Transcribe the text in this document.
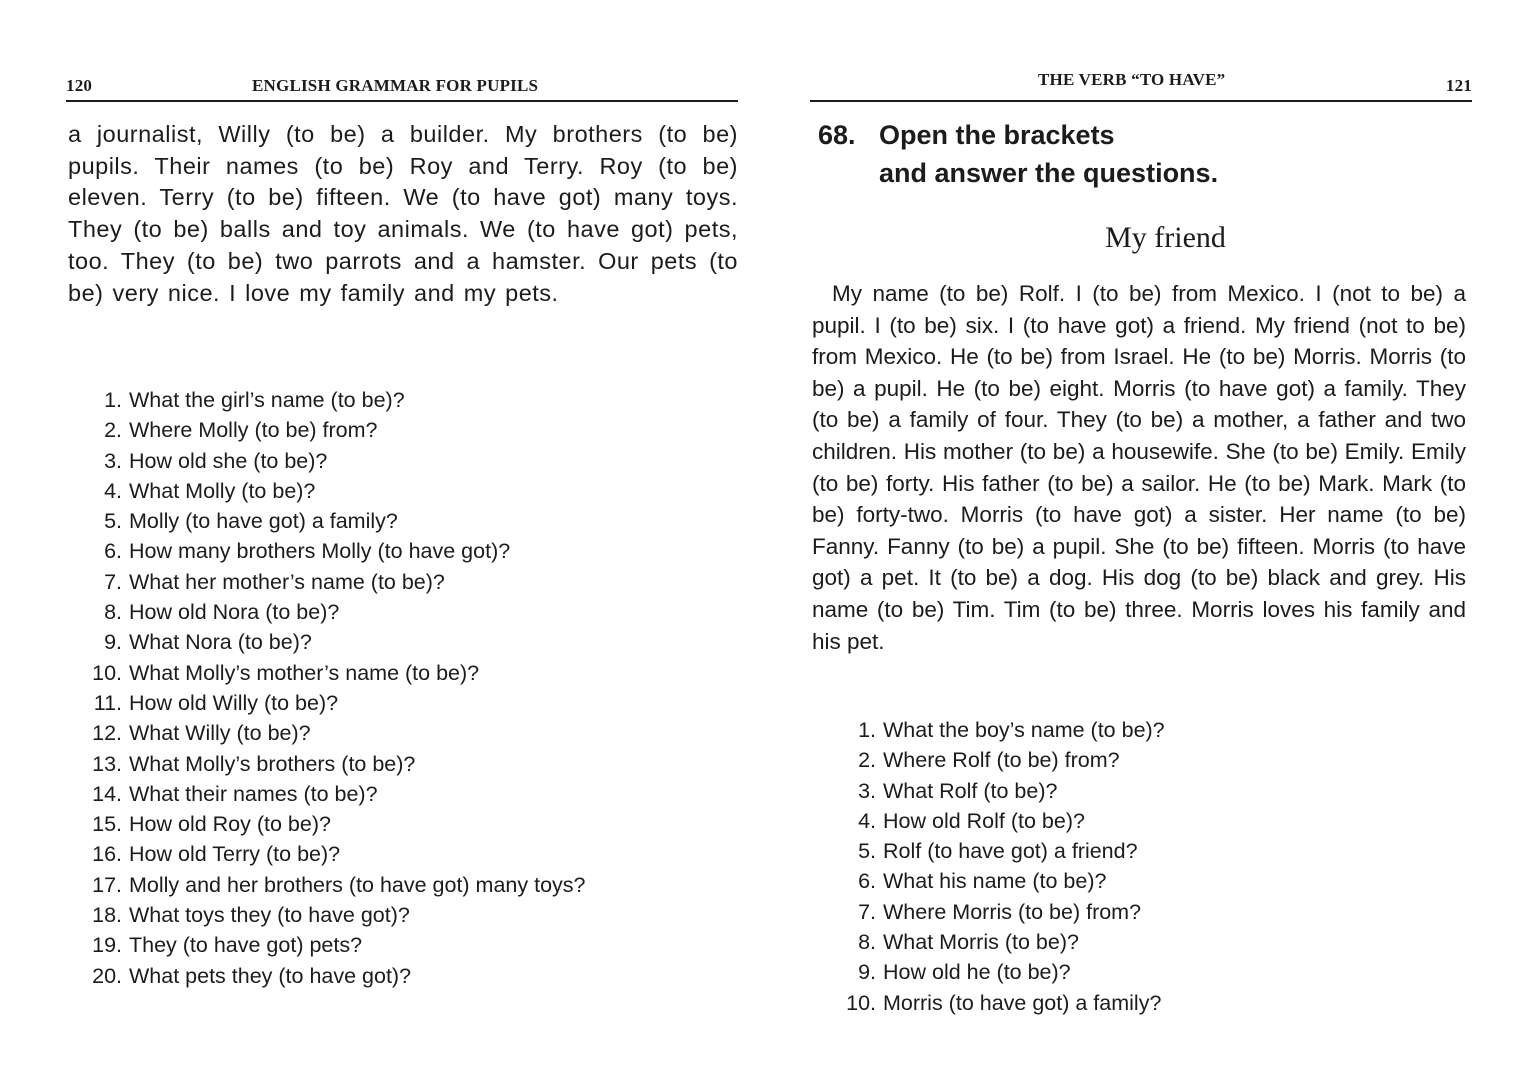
120	ENGLISH GRAMMAR FOR PUPILS
a journalist, Willy (to be) a builder. My brothers (to be) pupils. Their names (to be) Roy and Terry. Roy (to be) eleven. Terry (to be) fifteen. We (to have got) many toys. They (to be) balls and toy animals. We (to have got) pets, too. They (to be) two parrots and a hamster. Our pets (to be) very nice. I love my family and my pets.
1. What the girl’s name (to be)?
2. Where Molly (to be) from?
3. How old she (to be)?
4. What Molly (to be)?
5. Molly (to have got) a family?
6. How many brothers Molly (to have got)?
7. What her mother’s name (to be)?
8. How old Nora (to be)?
9. What Nora (to be)?
10. What Molly’s mother’s name (to be)?
11. How old Willy (to be)?
12. What Willy (to be)?
13. What Molly’s brothers (to be)?
14. What their names (to be)?
15. How old Roy (to be)?
16. How old Terry (to be)?
17. Molly and her brothers (to have got) many toys?
18. What toys they (to have got)?
19. They (to have got) pets?
20. What pets they (to have got)?
THE VERB “TO HAVE”	121
68. Open the brackets
and answer the questions.
My friend
My name (to be) Rolf. I (to be) from Mexico. I (not to be) a pupil. I (to be) six. I (to have got) a friend. My friend (not to be) from Mexico. He (to be) from Israel. He (to be) Morris. Morris (to be) a pupil. He (to be) eight. Morris (to have got) a family. They (to be) a family of four. They (to be) a mother, a father and two children. His mother (to be) a housewife. She (to be) Emily. Emily (to be) forty. His father (to be) a sailor. He (to be) Mark. Mark (to be) forty-two. Morris (to have got) a sister. Her name (to be) Fanny. Fanny (to be) a pupil. She (to be) fifteen. Morris (to have got) a pet. It (to be) a dog. His dog (to be) black and grey. His name (to be) Tim. Tim (to be) three. Morris loves his family and his pet.
1. What the boy’s name (to be)?
2. Where Rolf (to be) from?
3. What Rolf (to be)?
4. How old Rolf (to be)?
5. Rolf (to have got) a friend?
6. What his name (to be)?
7. Where Morris (to be) from?
8. What Morris (to be)?
9. How old he (to be)?
10. Morris (to have got) a family?
